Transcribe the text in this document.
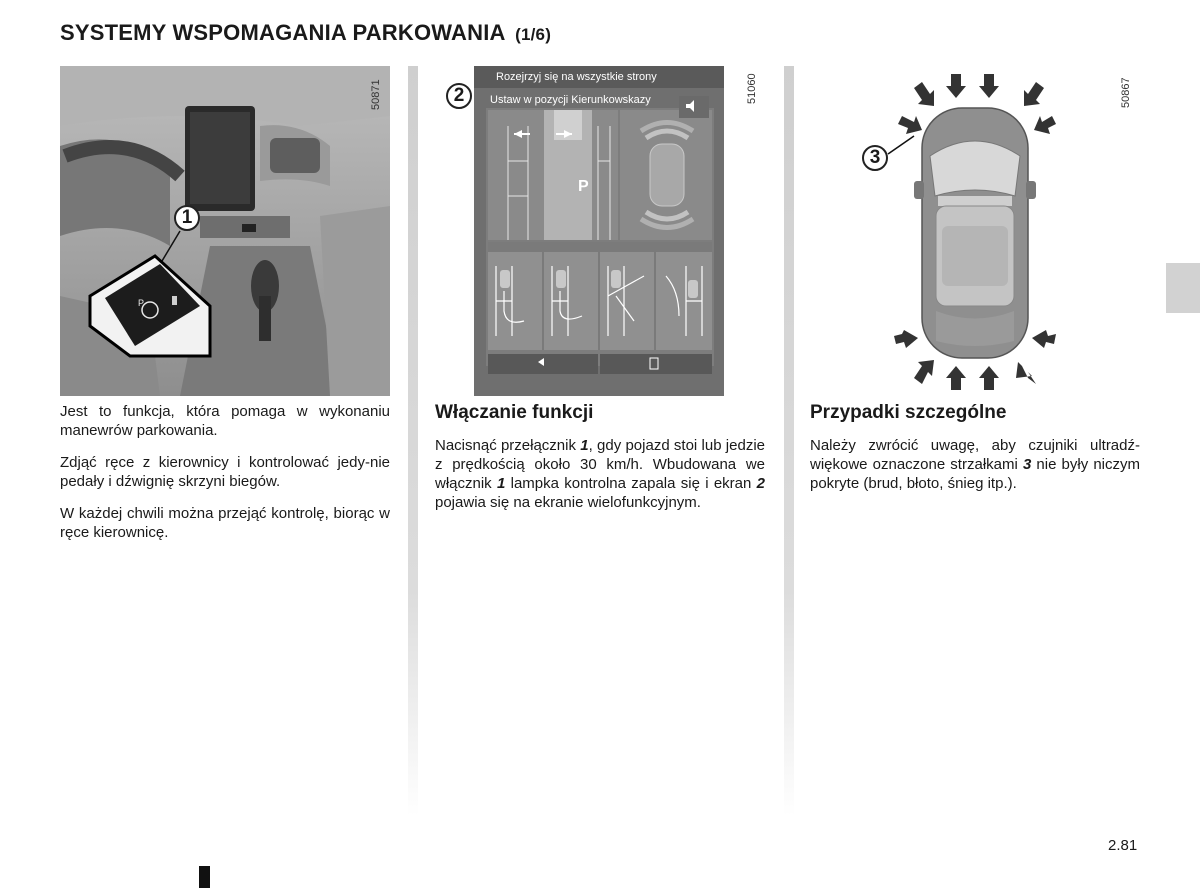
SYSTEMY WSPOMAGANIA PARKOWANIA (1/6)
P
1
50871
P
Rozejrzyj się na wszystkie strony
Ustaw w pozycji Kierunkowskazy
2	51060
3
50867

Jest to funkcja, która pomaga w wykonaniu manewrów parkowania.

Zdjąć ręce z kierownicy i kontrolować jedy-nie pedały i dźwignię skrzyni biegów.

W każdej chwili można przejąć kontrolę, biorąc w ręce kierownicę.

Włączanie funkcji

Nacisnąć przełącznik 1, gdy pojazd stoi lub jedzie z prędkością około 30 km/h. Wbudowana we włącznik 1 lampka kontrolna zapala się i ekran 2 pojawia się na ekranie wielofunkcyjnym.

Przypadki szczególne

Należy zwrócić uwagę, aby czujniki ultradź-więkowe oznaczone strzałkami 3 nie były niczym pokryte (brud, błoto, śnieg itp.).

2.81
